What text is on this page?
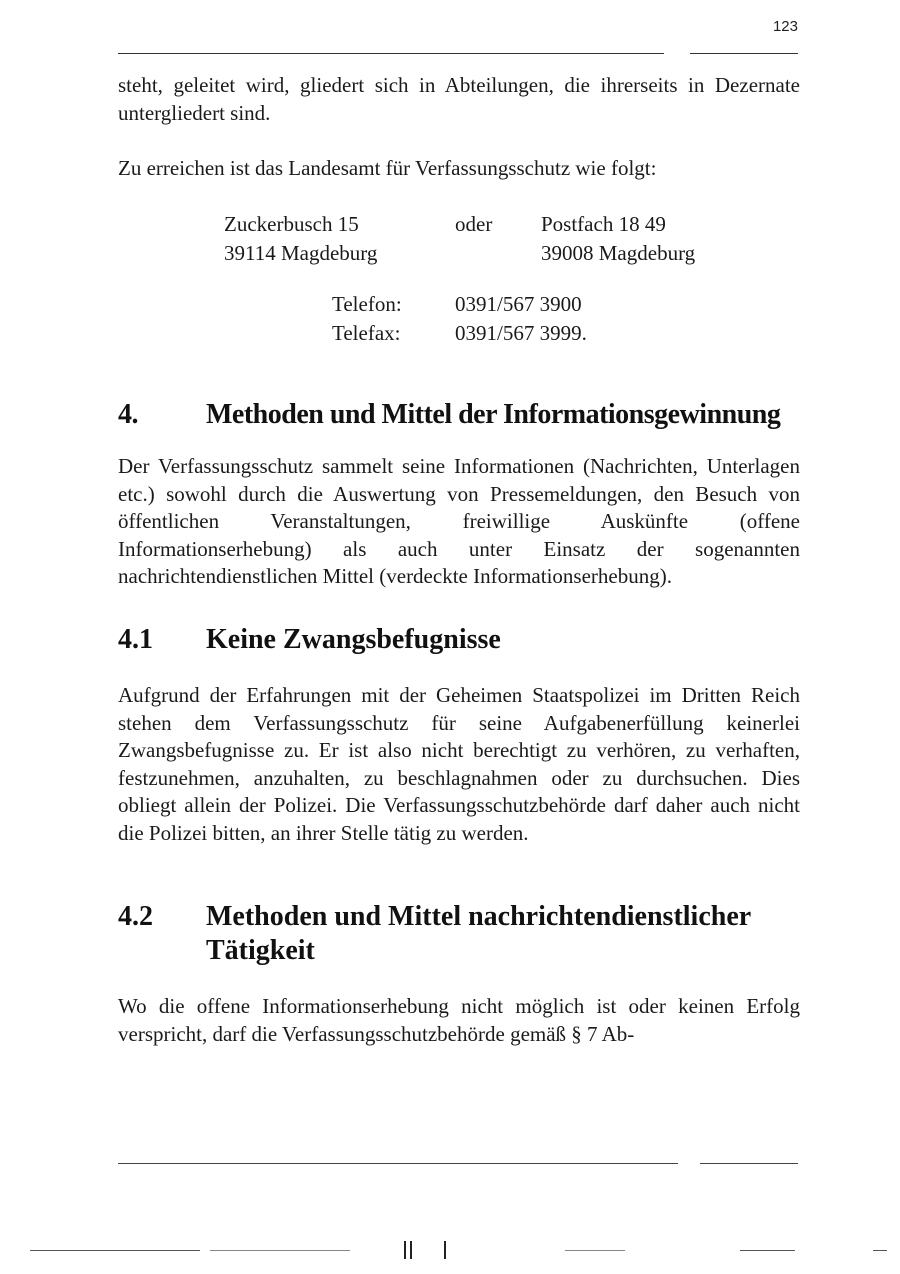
123

steht, geleitet wird, gliedert sich in Abteilungen, die ihrerseits in Dezernate untergliedert sind.

Zu erreichen ist das Landesamt für Verfassungsschutz wie folgt:

Zuckerbusch 15
39114 Magdeburg
oder Postfach 18 49
39008 Magdeburg
Telefon:	0391/567 3900
Telefax:	0391/567 3999.
4. Methoden und Mittel der Informationsgewinnung

Der Verfassungsschutz sammelt seine Informationen (Nachrichten, Unterlagen etc.) sowohl durch die Auswertung von Pressemeldungen, den Besuch von öffentlichen Veranstaltungen, freiwillige Auskünfte (offene Informationserhebung) als auch unter Einsatz der sogenannten nachrichtendienstlichen Mittel (verdeckte Informationserhebung).

4.1 Keine Zwangsbefugnisse

Aufgrund der Erfahrungen mit der Geheimen Staatspolizei im Dritten Reich stehen dem Verfassungsschutz für seine Aufgabenerfüllung keinerlei Zwangsbefugnisse zu. Er ist also nicht berechtigt zu verhören, zu verhaften, festzunehmen, anzuhalten, zu beschlagnahmen oder zu durchsuchen. Dies obliegt allein der Polizei. Die Verfassungsschutzbehörde darf daher auch nicht die Polizei bitten, an ihrer Stelle tätig zu werden.

4.2 Methoden und Mittel nachrichtendienstlicher Tätigkeit

Wo die offene Informationserhebung nicht möglich ist oder keinen Erfolg verspricht, darf die Verfassungsschutzbehörde gemäß § 7 Ab-
